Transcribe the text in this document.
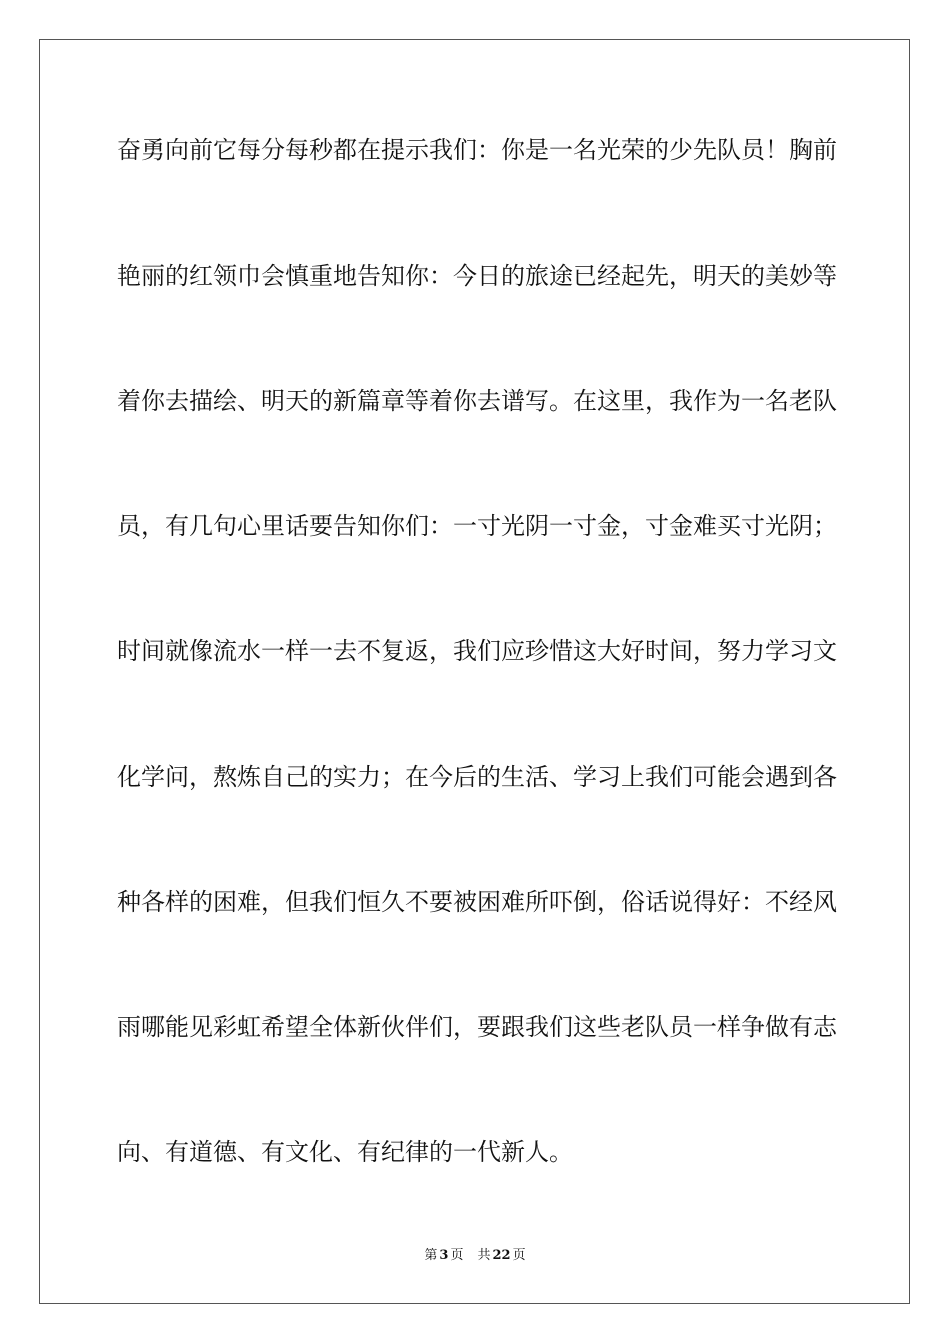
奋勇向前它每分每秒都在提示我们：你是一名光荣的少先队员！胸前
艳丽的红领巾会慎重地告知你：今日的旅途已经起先，明天的美妙等
着你去描绘、明天的新篇章等着你去谱写。在这里，我作为一名老队
员，有几句心里话要告知你们：一寸光阴一寸金，寸金难买寸光阴；
时间就像流水一样一去不复返，我们应珍惜这大好时间，努力学习文
化学问，熬炼自己的实力；在今后的生活、学习上我们可能会遇到各
种各样的困难，但我们恒久不要被困难所吓倒，俗话说得好：不经风
雨哪能见彩虹希望全体新伙伴们，要跟我们这些老队员一样争做有志
向、有道德、有文化、有纪律的一代新人。
第 3 页 共 22 页
